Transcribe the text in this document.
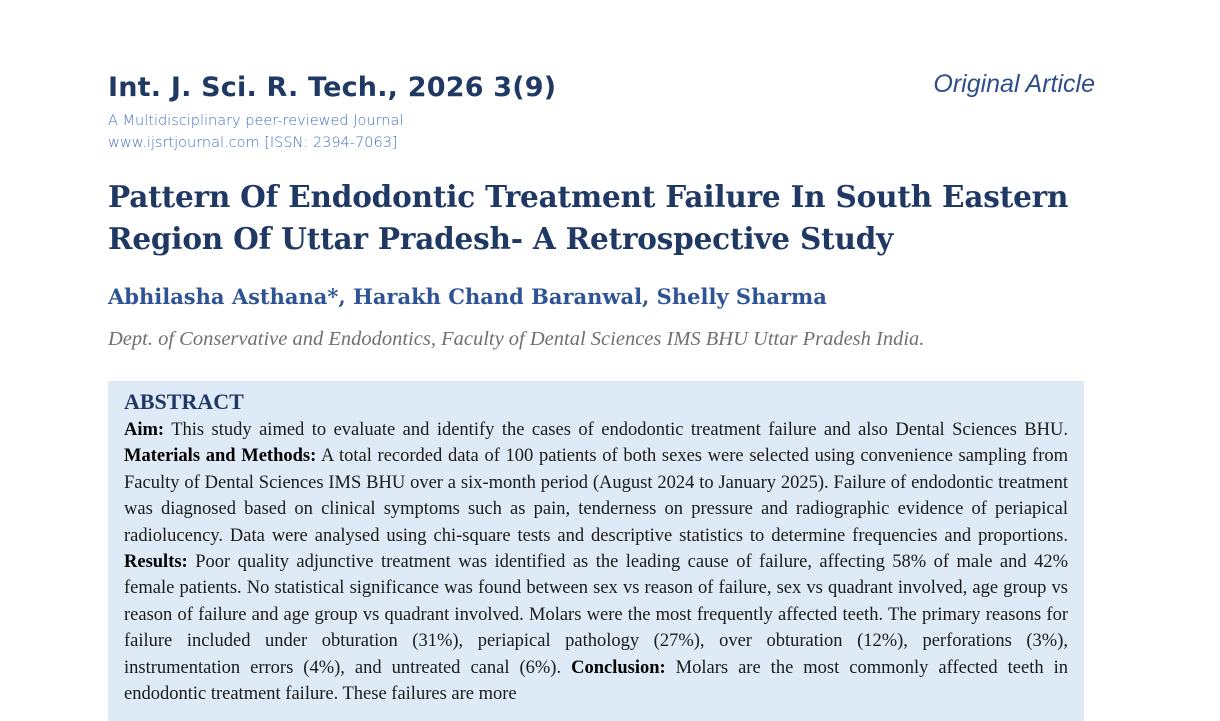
Int. J. Sci. R. Tech., 2026 3(9)	Original Article
A Multidisciplinary peer-reviewed Journal
www.ijsrtjournal.com [ISSN: 2394-7063]
Pattern Of Endodontic Treatment Failure In South Eastern Region Of Uttar Pradesh- A Retrospective Study
Abhilasha Asthana*, Harakh Chand Baranwal, Shelly Sharma
Dept. of Conservative and Endodontics, Faculty of Dental Sciences IMS BHU Uttar Pradesh India.
ABSTRACT
Aim: This study aimed to evaluate and identify the cases of endodontic treatment failure and also Dental Sciences BHU. Materials and Methods: A total recorded data of 100 patients of both sexes were selected using convenience sampling from Faculty of Dental Sciences IMS BHU over a six-month period (August 2024 to January 2025). Failure of endodontic treatment was diagnosed based on clinical symptoms such as pain, tenderness on pressure and radiographic evidence of periapical radiolucency. Data were analysed using chi-square tests and descriptive statistics to determine frequencies and proportions. Results: Poor quality adjunctive treatment was identified as the leading cause of failure, affecting 58% of male and 42% female patients. No statistical significance was found between sex vs reason of failure, sex vs quadrant involved, age group vs reason of failure and age group vs quadrant involved. Molars were the most frequently affected teeth. The primary reasons for failure included under obturation (31%), periapical pathology (27%), over obturation (12%), perforations (3%), instrumentation errors (4%), and untreated canal (6%). Conclusion: Molars are the most commonly affected teeth in endodontic treatment failure. These failures are more
